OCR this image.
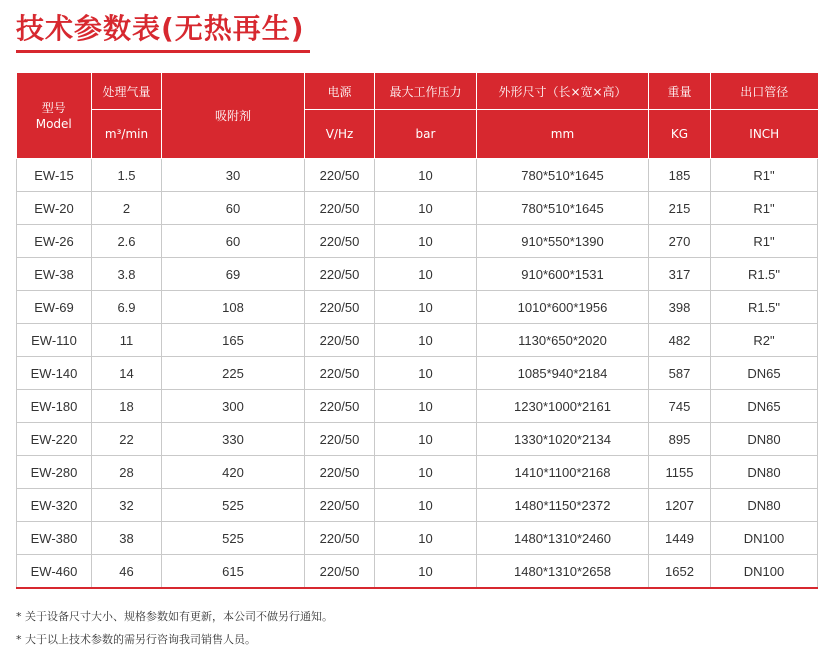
技术参数表(无热再生)
型号
Model	处理气量	吸附剂	电源	最大工作压力	外形尺寸（长×宽×高）	重量	出口管径
	m³/min		V/Hz	bar	mm	KG	INCH
EW-15	1.5	30	220/50	10	780*510*1645	185	R1"
EW-20	2	60	220/50	10	780*510*1645	215	R1"
EW-26	2.6	60	220/50	10	910*550*1390	270	R1"
EW-38	3.8	69	220/50	10	910*600*1531	317	R1.5"
EW-69	6.9	108	220/50	10	1010*600*1956	398	R1.5"
EW-110	11	165	220/50	10	1130*650*2020	482	R2"
EW-140	14	225	220/50	10	1085*940*2184	587	DN65
EW-180	18	300	220/50	10	1230*1000*2161	745	DN65
EW-220	22	330	220/50	10	1330*1020*2134	895	DN80
EW-280	28	420	220/50	10	1410*1100*2168	1155	DN80
EW-320	32	525	220/50	10	1480*1150*2372	1207	DN80
EW-380	38	525	220/50	10	1480*1310*2460	1449	DN100
EW-460	46	615	220/50	10	1480*1310*2658	1652	DN100
* 关于设备尺寸大小、规格参数如有更新，本公司不做另行通知。
* 大于以上技术参数的需另行咨询我司销售人员。
